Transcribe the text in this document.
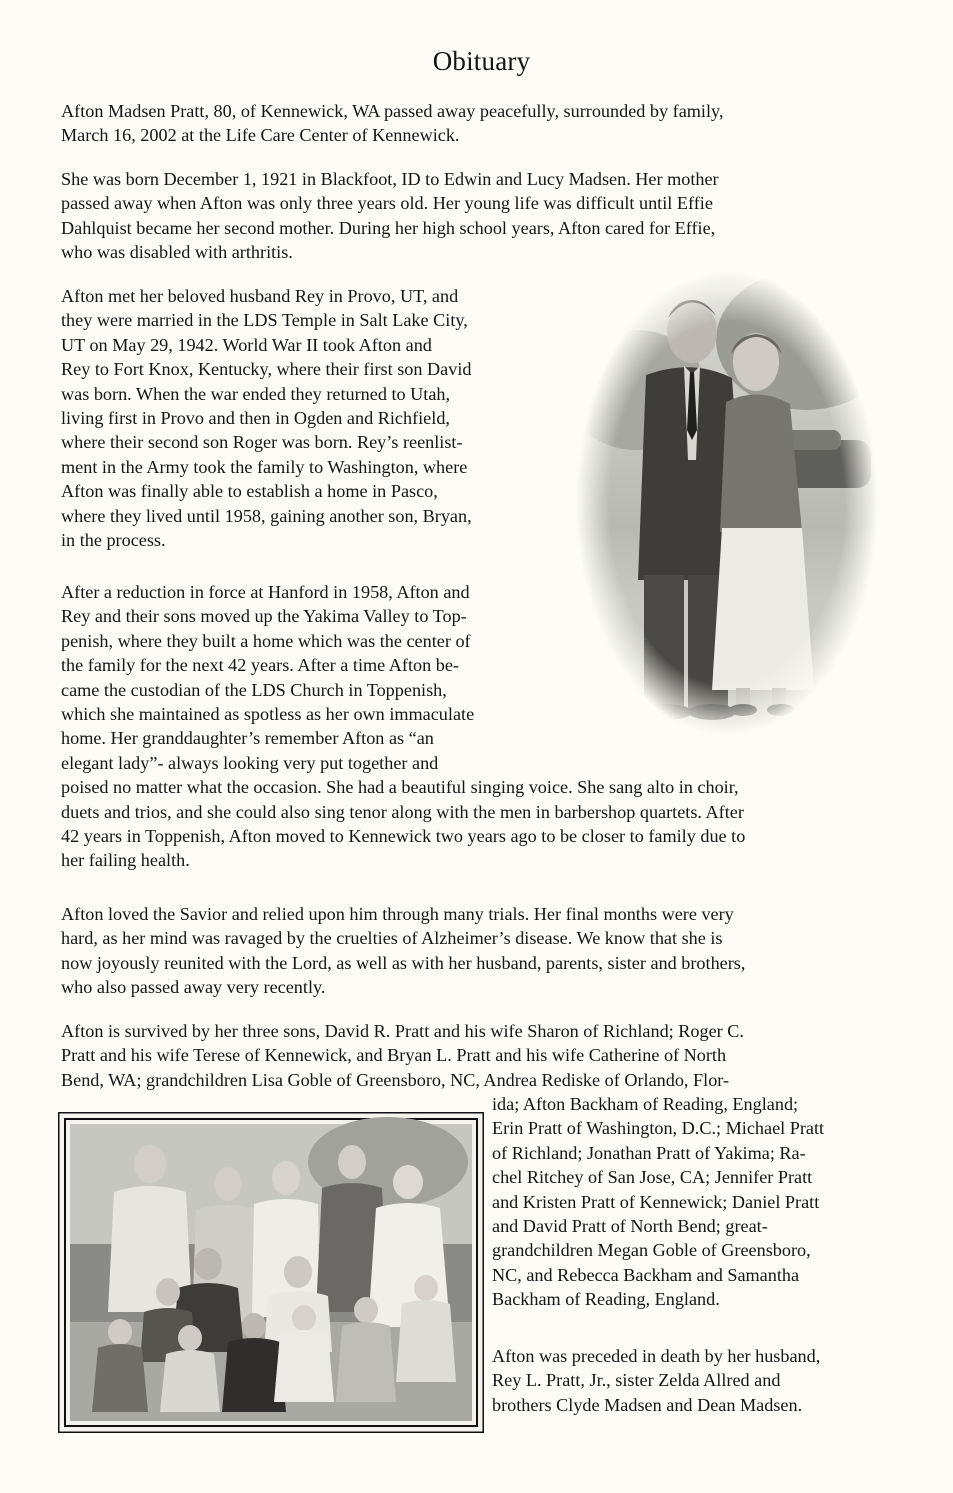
Obituary

Afton Madsen Pratt, 80, of Kennewick, WA passed away peacefully, surrounded by family,
March 16, 2002 at the Life Care Center of Kennewick.

She was born December 1, 1921 in Blackfoot, ID to Edwin and Lucy Madsen. Her mother
passed away when Afton was only three years old. Her young life was difficult until Effie
Dahlquist became her second mother. During her high school years, Afton cared for Effie,
who was disabled with arthritis.

Afton met her beloved husband Rey in Provo, UT, and
they were married in the LDS Temple in Salt Lake City,
UT on May 29, 1942. World War II took Afton and
Rey to Fort Knox, Kentucky, where their first son David
was born. When the war ended they returned to Utah,
living first in Provo and then in Ogden and Richfield,
where their second son Roger was born. Rey’s reenlist-
ment in the Army took the family to Washington, where
Afton was finally able to establish a home in Pasco,
where they lived until 1958, gaining another son, Bryan,
in the process.

After a reduction in force at Hanford in 1958, Afton and
Rey and their sons moved up the Yakima Valley to Top-
penish, where they built a home which was the center of
the family for the next 42 years. After a time Afton be-
came the custodian of the LDS Church in Toppenish,
which she maintained as spotless as her own immaculate
home. Her granddaughter’s remember Afton as “an
elegant lady”- always looking very put together and
poised no matter what the occasion. She had a beautiful singing voice. She sang alto in choir,
duets and trios, and she could also sing tenor along with the men in barbershop quartets. After
42 years in Toppenish, Afton moved to Kennewick two years ago to be closer to family due to
her failing health.

Afton loved the Savior and relied upon him through many trials. Her final months were very
hard, as her mind was ravaged by the cruelties of Alzheimer’s disease. We know that she is
now joyously reunited with the Lord, as well as with her husband, parents, sister and brothers,
who also passed away very recently.

Afton is survived by her three sons, David R. Pratt and his wife Sharon of Richland; Roger C.
Pratt and his wife Terese of Kennewick, and Bryan L. Pratt and his wife Catherine of North
Bend, WA; grandchildren Lisa Goble of Greensboro, NC, Andrea Rediske of Orlando, Flor-

ida; Afton Backham of Reading, England;
Erin Pratt of Washington, D.C.; Michael Pratt
of Richland; Jonathan Pratt of Yakima; Ra-
chel Ritchey of San Jose, CA; Jennifer Pratt
and Kristen Pratt of Kennewick; Daniel Pratt
and David Pratt of North Bend; great-
grandchildren Megan Goble of Greensboro,
NC, and Rebecca Backham and Samantha
Backham of Reading, England.

Afton was preceded in death by her husband,
Rey L. Pratt, Jr., sister Zelda Allred and
brothers Clyde Madsen and Dean Madsen.
